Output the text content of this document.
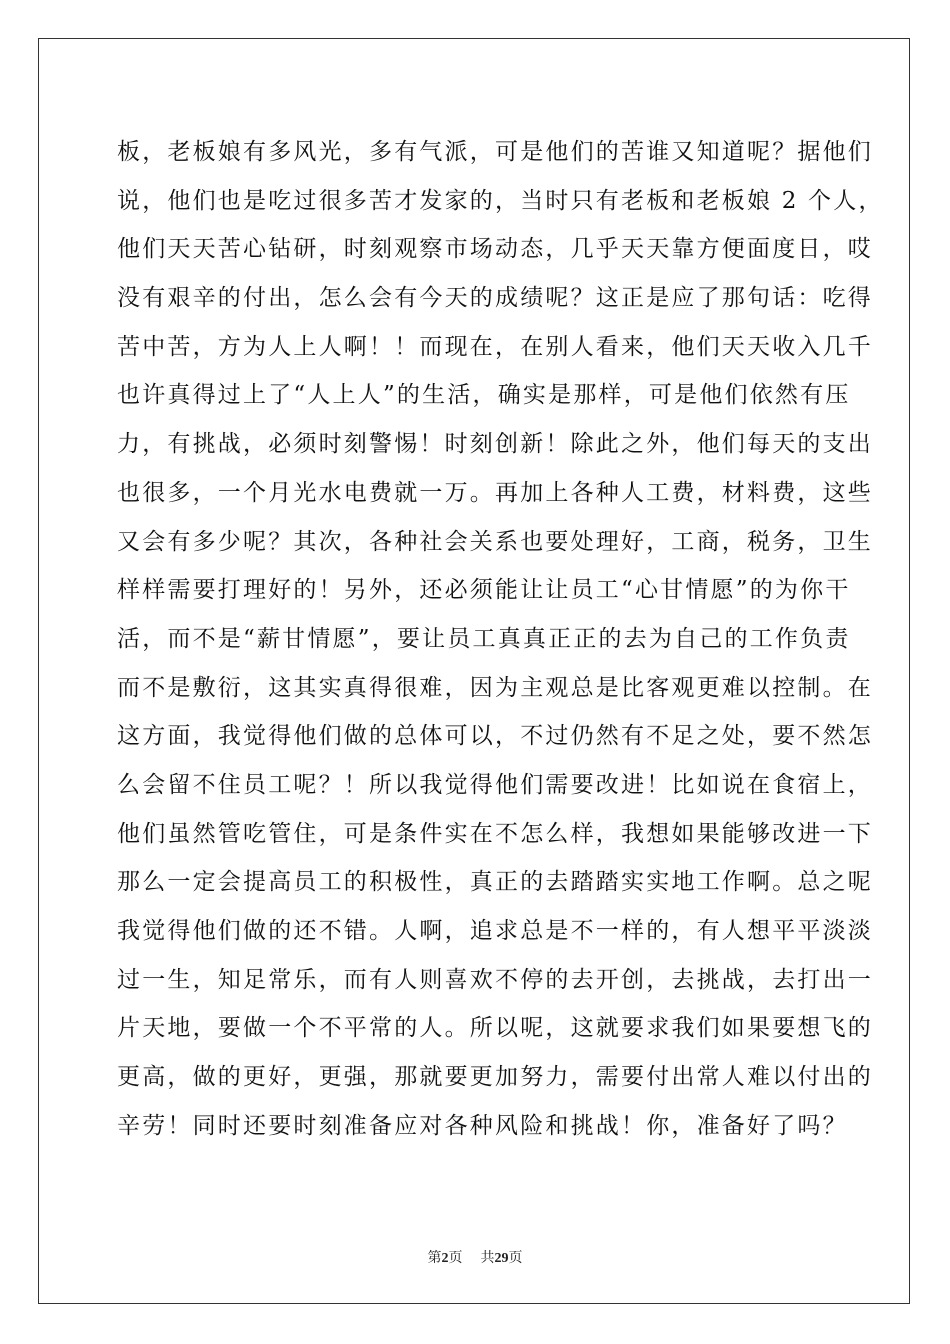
板，老板娘有多风光，多有气派，可是他们的苦谁又知道呢？据他们
说，他们也是吃过很多苦才发家的，当时只有老板和老板娘 2 个人，
他们天天苦心钻研，时刻观察市场动态，几乎天天靠方便面度日，哎
没有艰辛的付出，怎么会有今天的成绩呢？这正是应了那句话：吃得
苦中苦，方为人上人啊！！而现在，在别人看来，他们天天收入几千
也许真得过上了“人上人”的生活，确实是那样，可是他们依然有压
力，有挑战，必须时刻警惕！时刻创新！除此之外，他们每天的支出
也很多，一个月光水电费就一万。再加上各种人工费，材料费，这些
又会有多少呢？其次，各种社会关系也要处理好，工商，税务，卫生
样样需要打理好的！另外，还必须能让让员工“心甘情愿”的为你干
活，而不是“薪甘情愿”，要让员工真真正正的去为自己的工作负责
而不是敷衍，这其实真得很难，因为主观总是比客观更难以控制。在
这方面，我觉得他们做的总体可以，不过仍然有不足之处，要不然怎
么会留不住员工呢？！所以我觉得他们需要改进！比如说在食宿上，
他们虽然管吃管住，可是条件实在不怎么样，我想如果能够改进一下
那么一定会提高员工的积极性，真正的去踏踏实实地工作啊。总之呢
我觉得他们做的还不错。人啊，追求总是不一样的，有人想平平淡淡
过一生，知足常乐，而有人则喜欢不停的去开创，去挑战，去打出一
片天地，要做一个不平常的人。所以呢，这就要求我们如果要想飞的
更高，做的更好，更强，那就要更加努力，需要付出常人难以付出的
辛劳！同时还要时刻准备应对各种风险和挑战！你，准备好了吗？
第2页 共29页
